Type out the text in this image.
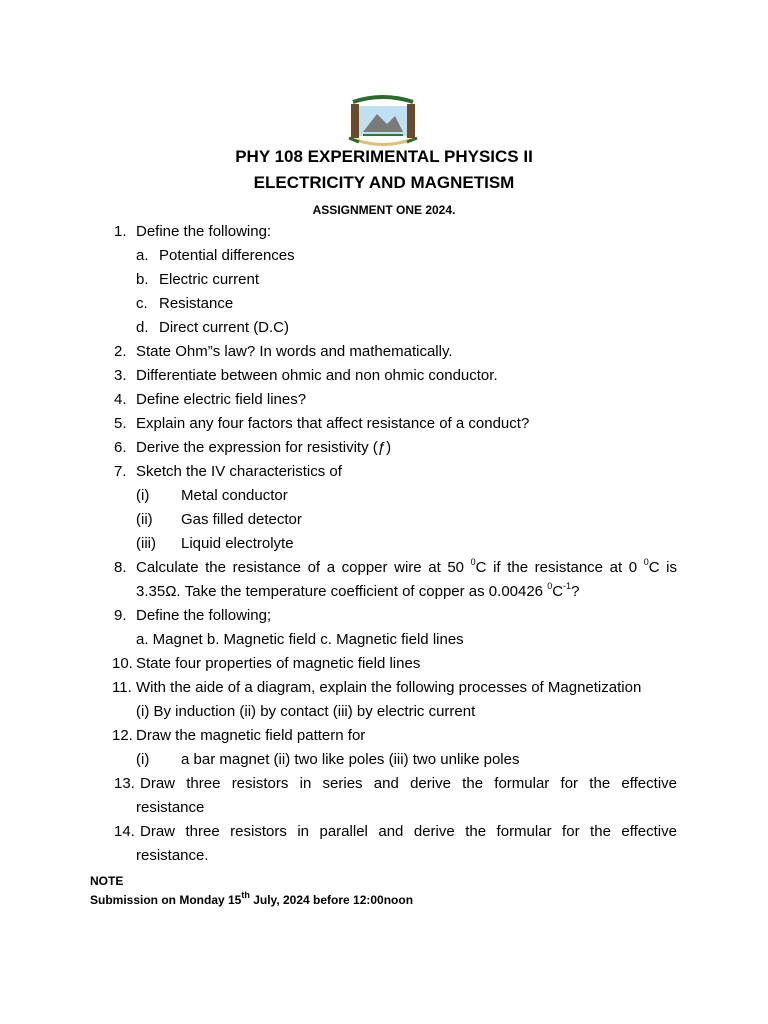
PHY 108 EXPERIMENTAL PHYSICS II
ELECTRICITY AND MAGNETISM
ASSIGNMENT ONE 2024.
1. Define the following:
a. Potential differences
b. Electric current
c. Resistance
d. Direct current (D.C)
2. State Ohm”s law? In words and mathematically.
3. Differentiate between ohmic and non ohmic conductor.
4. Define electric field lines?
5. Explain any four factors that affect resistance of a conduct?
6. Derive the expression for resistivity (ƒ)
7. Sketch the IV characteristics of
(i) Metal conductor
(ii) Gas filled detector
(iii) Liquid electrolyte
8. Calculate the resistance of a copper wire at 50 $^0$C if the resistance at 0 $^0$C is
3.35Ω. Take the temperature coefficient of copper as 0.00426 $^0C^{-1}$?
9. Define the following;
a. Magnet b. Magnetic field c. Magnetic field lines
10. State four properties of magnetic field lines
11. With the aide of a diagram, explain the following processes of Magnetization
(i) By induction (ii) by contact (iii) by electric current
12. Draw the magnetic field pattern for
(i) a bar magnet (ii) two like poles (iii) two unlike poles
13. Draw three resistors in series and derive the formular for the effective
resistance
14. Draw three resistors in parallel and derive the formular for the effective
resistance.
NOTE
Submission on Monday 15th July, 2024 before 12:00noon
